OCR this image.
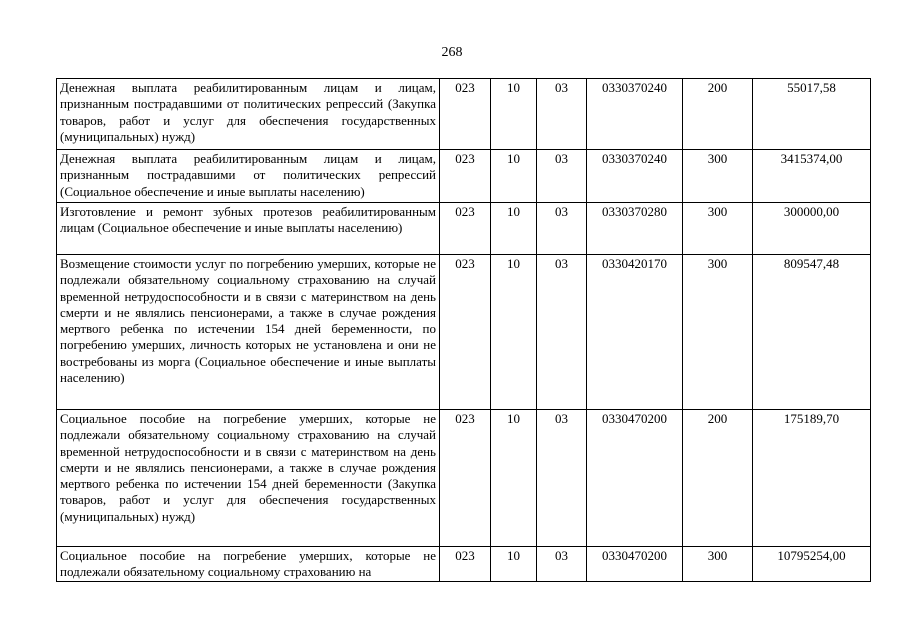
268
Денежная выплата реабилитированным лицам и лицам, признанным пострадавшими от политических репрессий (Закупка товаров, работ и услуг для обеспечения государственных (муниципальных) нужд)	023	10	03	0330370240	200	55017,58
Денежная выплата реабилитированным лицам и лицам, признанным пострадавшими от политических репрессий (Социальное обеспечение и иные выплаты населению)	023	10	03	0330370240	300	3415374,00
Изготовление и ремонт зубных протезов реабилитированным лицам (Социальное обеспечение и иные выплаты населению)	023	10	03	0330370280	300	300000,00
Возмещение стоимости услуг по погребению умерших, которые не подлежали обязательному социальному страхованию на случай временной нетрудоспособности и в связи с материнством на день смерти и не являлись пенсионерами, а также в случае рождения мертвого ребенка по истечении 154 дней беременности, по погребению умерших, личность которых не установлена и они не востребованы из морга (Социальное обеспечение и иные выплаты населению)	023	10	03	0330420170	300	809547,48
Социальное пособие на погребение умерших, которые не подлежали обязательному социальному страхованию на случай временной нетрудоспособности и в связи с материнством на день смерти и не являлись пенсионерами, а также в случае рождения мертвого ребенка по истечении 154 дней беременности (Закупка товаров, работ и услуг для обеспечения государственных (муниципальных) нужд)	023	10	03	0330470200	200	175189,70
Социальное пособие на погребение умерших, которые не подлежали обязательному социальному страхованию на	023	10	03	0330470200	300	10795254,00
